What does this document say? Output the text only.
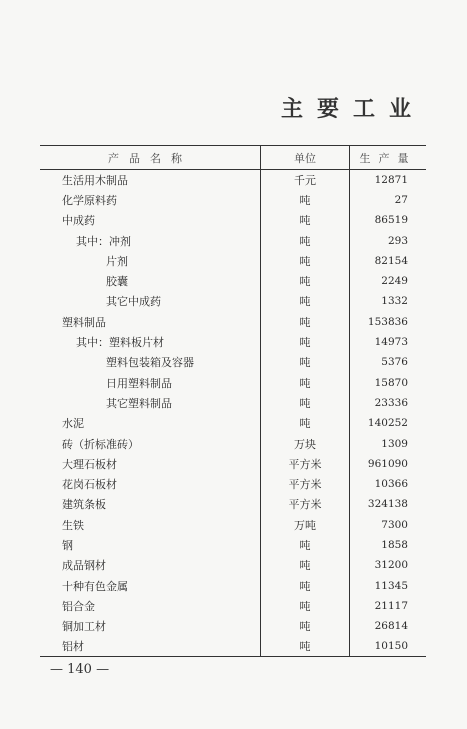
主要工业
产品名称	单位	生产量
生活用木制品	千元	12871
化学原料药	吨	27
中成药	吨	86519
其中：冲剂	吨	293
片剂	吨	82154
胶囊	吨	2249
其它中成药	吨	1332
塑料制品	吨	153836
其中：塑料板片材	吨	14973
塑料包装箱及容器	吨	5376
日用塑料制品	吨	15870
其它塑料制品	吨	23336
水泥	吨	140252
砖（折标准砖）	万块	1309
大理石板材	平方米	961090
花岗石板材	平方米	10366
建筑条板	平方米	324138
生铁	万吨	7300
钢	吨	1858
成品钢材	吨	31200
十种有色金属	吨	11345
铝合金	吨	21117
铜加工材	吨	26814
铝材	吨	10150
— 140 —
